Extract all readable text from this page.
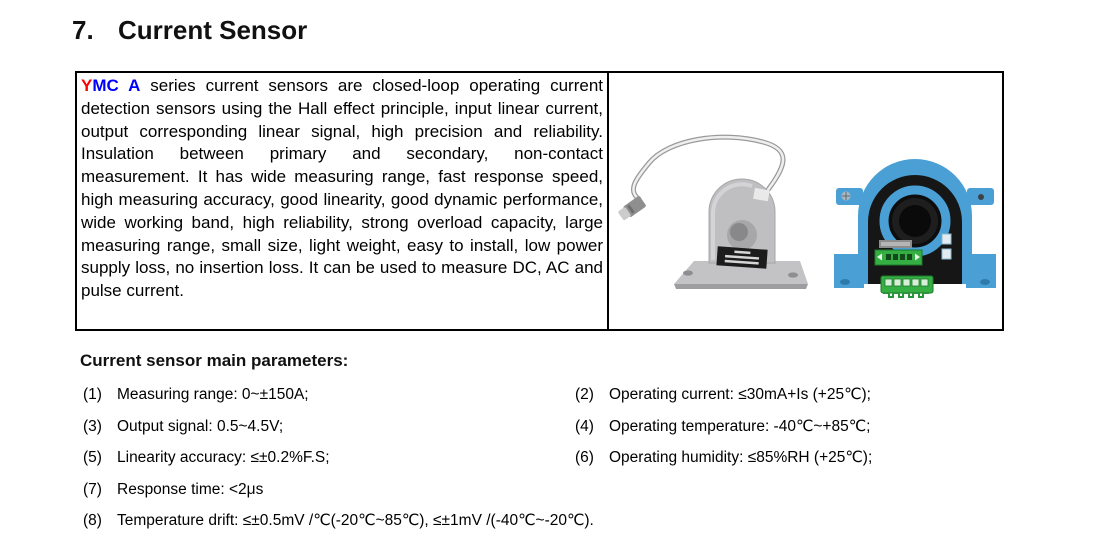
7. Current Sensor

YMC A series current sensors are closed-loop operating current detection sensors using the Hall effect principle, input linear current, output corresponding linear signal, high precision and reliability. Insulation between primary and secondary, non-contact measurement. It has wide measuring range, fast response speed, high measuring accuracy, good linearity, good dynamic performance, wide working band, high reliability, strong overload capacity, large measuring range, small size, light weight, easy to install, low power supply loss, no insertion loss. It can be used to measure DC, AC and pulse current.

Current sensor main parameters:
(1) Measuring range: 0~±150A;	(2) Operating current: ≤30mA+Is (+25℃);
(3) Output signal: 0.5~4.5V;	(4) Operating temperature: -40℃~+85℃;
(5) Linearity accuracy: ≤±0.2%F.S;	(6) Operating humidity: ≤85%RH (+25℃);
(7) Response time: <2μs
(8) Temperature drift: ≤±0.5mV /℃(-20℃~85℃), ≤±1mV /(-40℃~-20℃).
